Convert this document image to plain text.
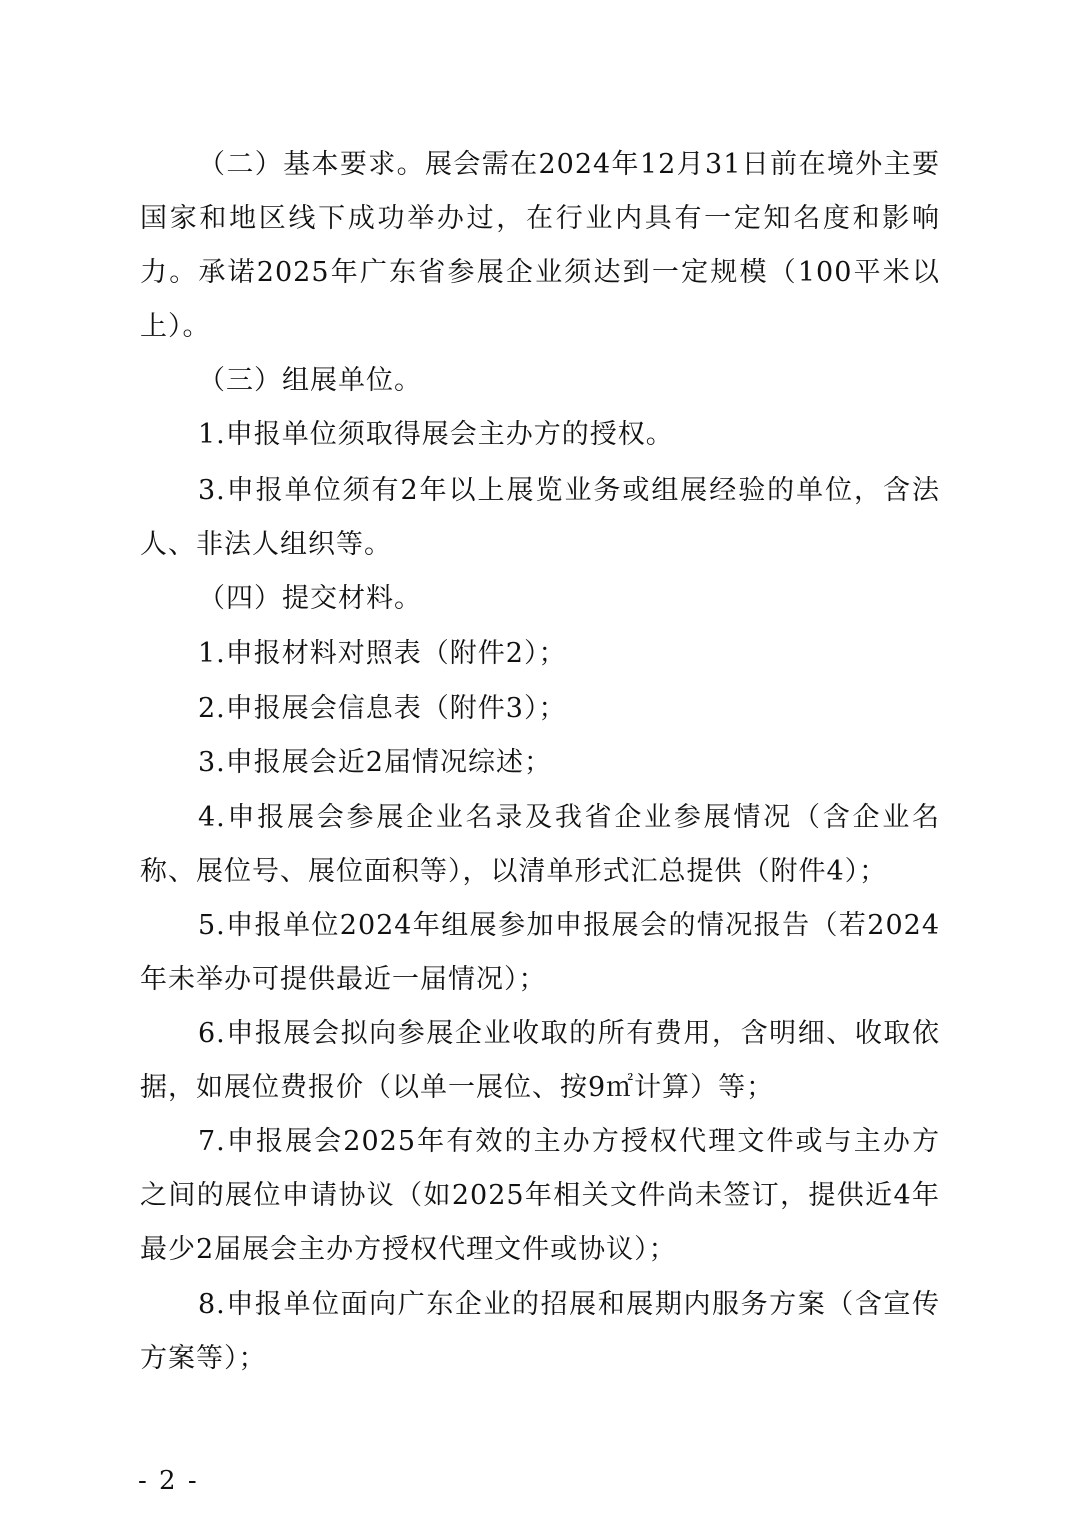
（二）基本要求。展会需在2024年12月31日前在境外主要国家和地区线下成功举办过，在行业内具有一定知名度和影响力。承诺2025年广东省参展企业须达到一定规模（100平米以上）。

（三）组展单位。

1.申报单位须取得展会主办方的授权。

3.申报单位须有2年以上展览业务或组展经验的单位，含法人、非法人组织等。

（四）提交材料。

1.申报材料对照表（附件2）；

2.申报展会信息表（附件3）；

3.申报展会近2届情况综述；

4.申报展会参展企业名录及我省企业参展情况（含企业名称、展位号、展位面积等），以清单形式汇总提供（附件4）；

5.申报单位2024年组展参加申报展会的情况报告（若2024年未举办可提供最近一届情况）；

6.申报展会拟向参展企业收取的所有费用，含明细、收取依据，如展位费报价（以单一展位、按9㎡计算）等；

7.申报展会2025年有效的主办方授权代理文件或与主办方之间的展位申请协议（如2025年相关文件尚未签订，提供近4年最少2届展会主办方授权代理文件或协议）；

8.申报单位面向广东企业的招展和展期内服务方案（含宣传方案等）；

- 2 -
